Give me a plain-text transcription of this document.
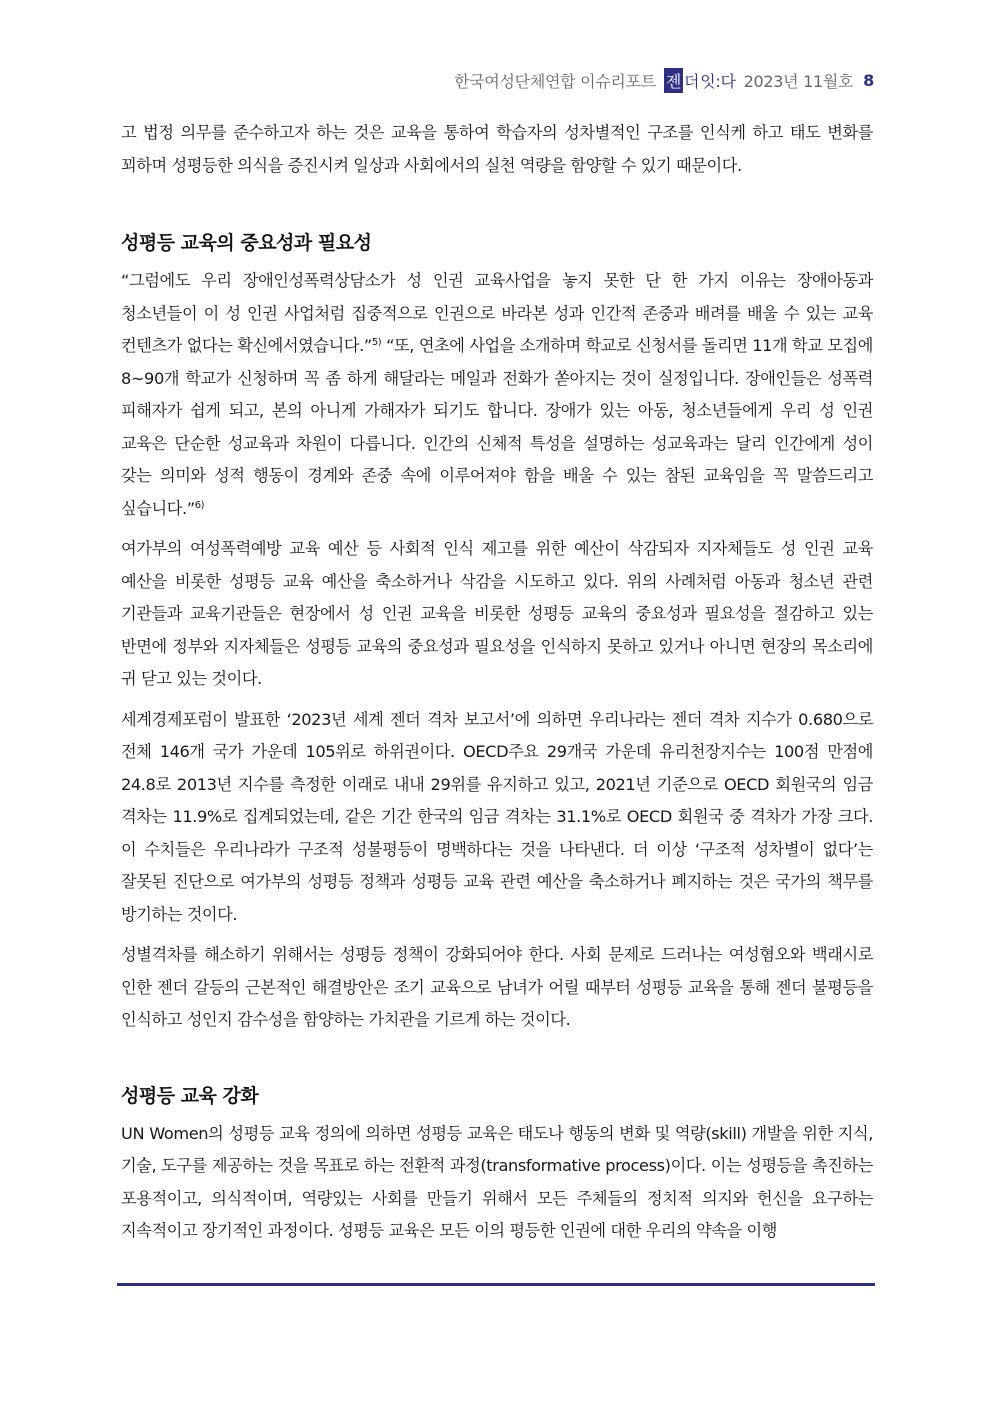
한국여성단체연합 이슈리포트 젠 더 잇:다 2023년 11월호 8

고 법정 의무를 준수하고자 하는 것은 교육을 통하여 학습자의 성차별적인 구조를 인식케 하고 태도 변화를 꾀하며 성평등한 의식을 증진시켜 일상과 사회에서의 실천 역량을 함양할 수 있기 때문이다.

성평등 교육의 중요성과 필요성

“그럼에도 우리 장애인성폭력상담소가 성 인권 교육사업을 놓지 못한 단 한 가지 이유는 장애아동과 청소년들이 이 성 인권 사업처럼 집중적으로 인권으로 바라본 성과 인간적 존중과 배려를 배울 수 있는 교육 컨텐츠가 없다는 확신에서였습니다.”$^{5)}$ “또, 연초에 사업을 소개하며 학교로 신청서를 돌리면 11개 학교 모집에 8~90개 학교가 신청하며 꼭 좀 하게 해달라는 메일과 전화가 쏟아지는 것이 실정입니다. 장애인들은 성폭력 피해자가 쉽게 되고, 본의 아니게 가해자가 되기도 합니다. 장애가 있는 아동, 청소년들에게 우리 성 인권 교육은 단순한 성교육과 차원이 다릅니다. 인간의 신체적 특성을 설명하는 성교육과는 달리 인간에게 성이 갖는 의미와 성적 행동이 경계와 존중 속에 이루어져야 함을 배울 수 있는 참된 교육임을 꼭 말씀드리고 싶습니다.”$^{6)}$

여가부의 여성폭력예방 교육 예산 등 사회적 인식 제고를 위한 예산이 삭감되자 지자체들도 성 인권 교육 예산을 비롯한 성평등 교육 예산을 축소하거나 삭감을 시도하고 있다. 위의 사례처럼 아동과 청소년 관련 기관들과 교육기관들은 현장에서 성 인권 교육을 비롯한 성평등 교육의 중요성과 필요성을 절감하고 있는 반면에 정부와 지자체들은 성평등 교육의 중요성과 필요성을 인식하지 못하고 있거나 아니면 현장의 목소리에 귀 닫고 있는 것이다.

세계경제포럼이 발표한 ‘2023년 세계 젠더 격차 보고서’에 의하면 우리나라는 젠더 격차 지수가 0.680으로 전체 146개 국가 가운데 105위로 하위권이다. OECD주요 29개국 가운데 유리천장지수는 100점 만점에 24.8로 2013년 지수를 측정한 이래로 내내 29위를 유지하고 있고, 2021년 기준으로 OECD 회원국의 임금 격차는 11.9%로 집계되었는데, 같은 기간 한국의 임금 격차는 31.1%로 OECD 회원국 중 격차가 가장 크다. 이 수치들은 우리나라가 구조적 성불평등이 명백하다는 것을 나타낸다. 더 이상 ‘구조적 성차별이 없다’는 잘못된 진단으로 여가부의 성평등 정책과 성평등 교육 관련 예산을 축소하거나 폐지하는 것은 국가의 책무를 방기하는 것이다.

성별격차를 해소하기 위해서는 성평등 정책이 강화되어야 한다. 사회 문제로 드러나는 여성혐오와 백래시로 인한 젠더 갈등의 근본적인 해결방안은 조기 교육으로 남녀가 어릴 때부터 성평등 교육을 통해 젠더 불평등을 인식하고 성인지 감수성을 함양하는 가치관을 기르게 하는 것이다.

성평등 교육 강화

UN Women의 성평등 교육 정의에 의하면 성평등 교육은 태도나 행동의 변화 및 역량(skill) 개발을 위한 지식, 기술, 도구를 제공하는 것을 목표로 하는 전환적 과정(transformative process)이다. 이는 성평등을 촉진하는 포용적이고, 의식적이며, 역량있는 사회를 만들기 위해서 모든 주체들의 정치적 의지와 헌신을 요구하는 지속적이고 장기적인 과정이다. 성평등 교육은 모든 이의 평등한 인권에 대한 우리의 약속을 이행
